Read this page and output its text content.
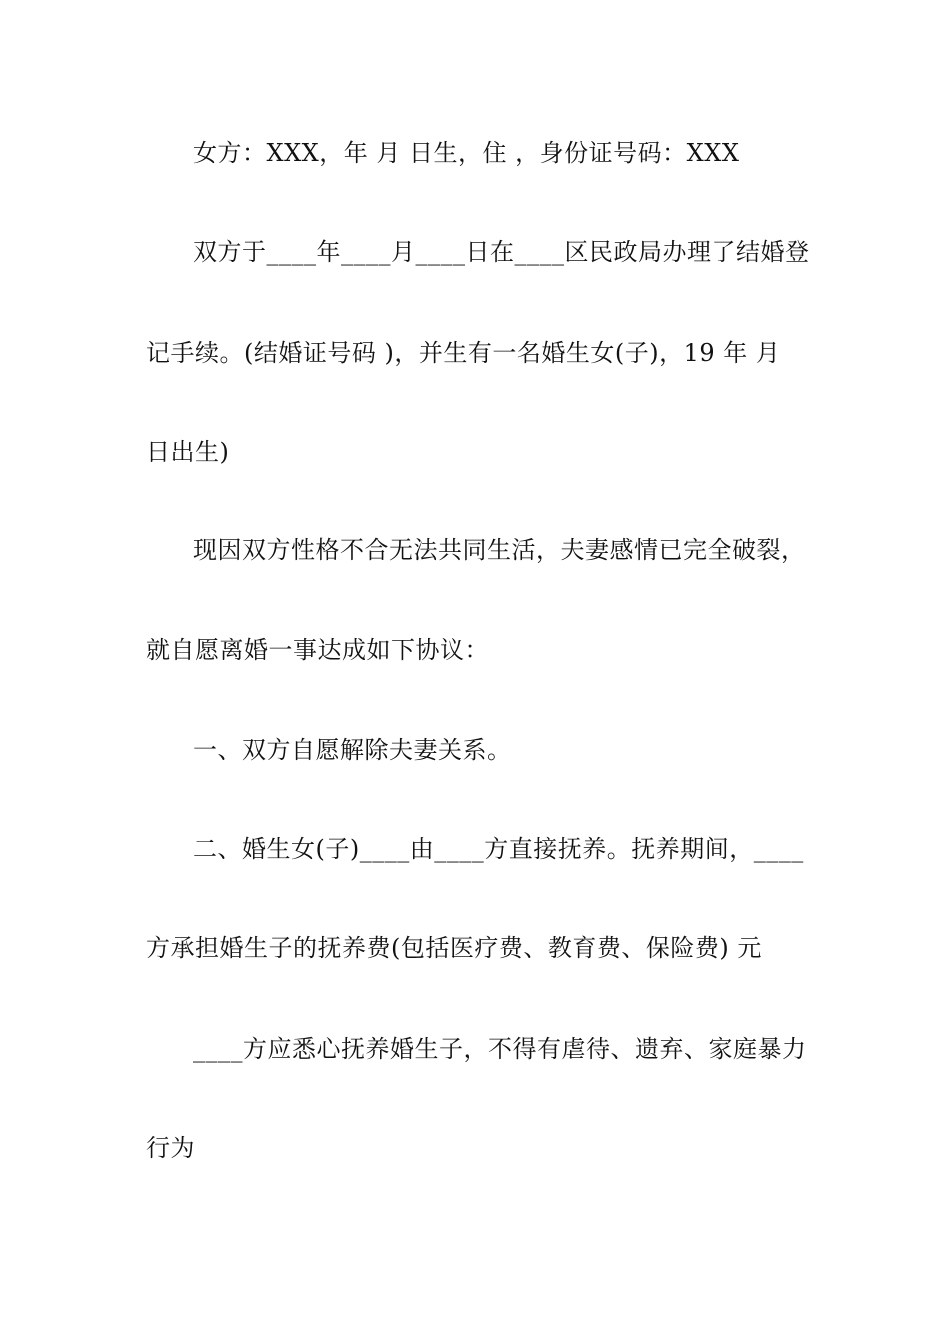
女方：XXX，年 月 日生，住 ，身份证号码：XXX
双方于____年____月____日在____区民政局办理了结婚登
记手续。(结婚证号码 )，并生有一名婚生女(子)，19 年 月
日出生)
现因双方性格不合无法共同生活，夫妻感情已完全破裂，
就自愿离婚一事达成如下协议：
一、双方自愿解除夫妻关系。
二、婚生女(子)____由____方直接抚养。抚养期间，____
方承担婚生子的抚养费(包括医疗费、教育费、保险费) 元
____方应悉心抚养婚生子，不得有虐待、遗弃、家庭暴力
行为
